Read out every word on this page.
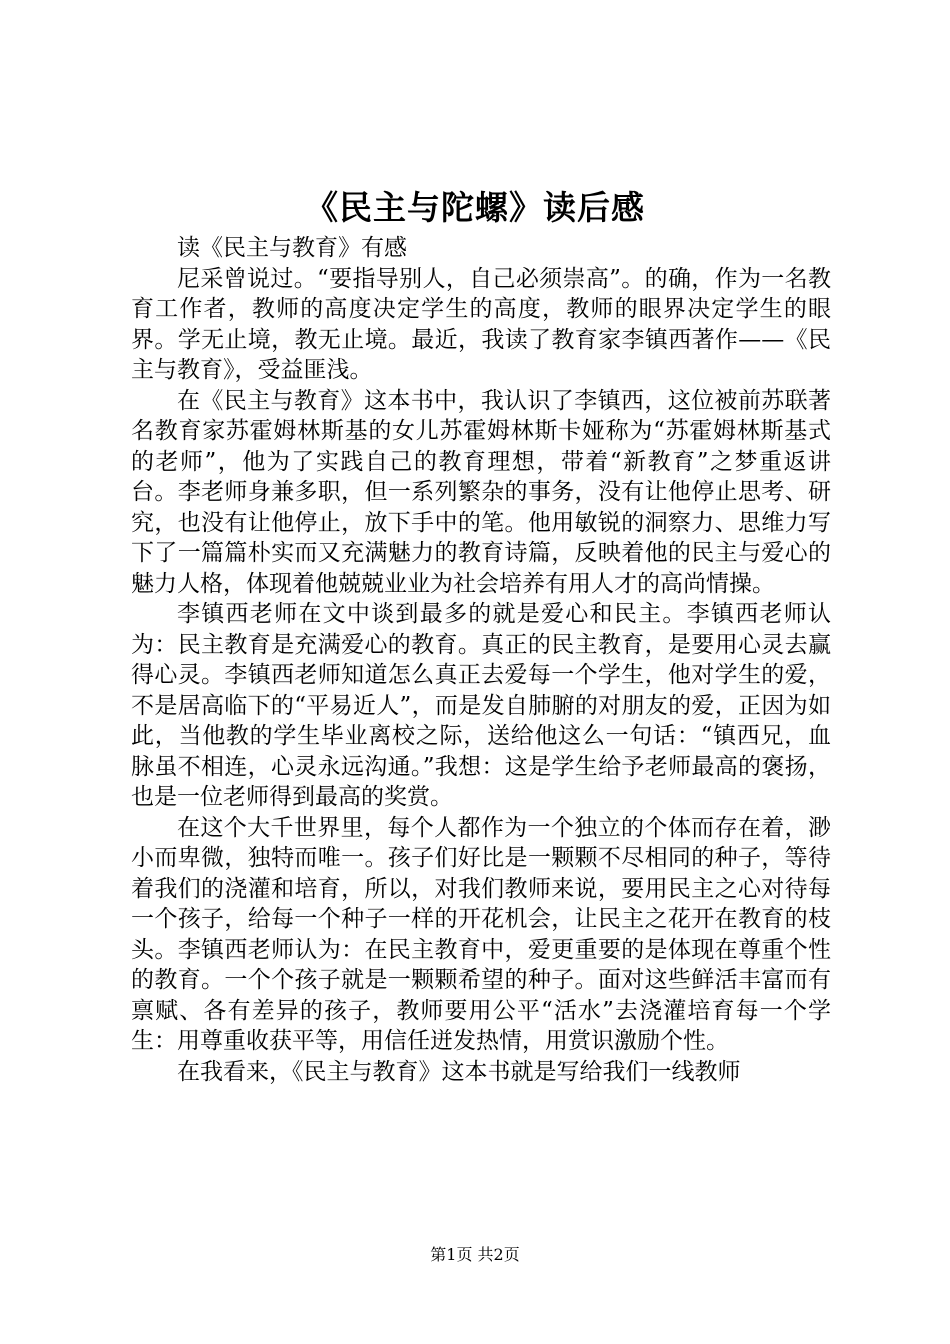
《民主与陀螺》读后感
读《民主与教育》有感

尼采曾说过。“要指导别人，自己必须崇高”。的确，作为一名教育工作者，教师的高度决定学生的高度，教师的眼界决定学生的眼界。学无止境，教无止境。最近，我读了教育家李镇西著作——《民主与教育》，受益匪浅。

在《民主与教育》这本书中，我认识了李镇西，这位被前苏联著名教育家苏霍姆林斯基的女儿苏霍姆林斯卡娅称为“苏霍姆林斯基式的老师”，他为了实践自己的教育理想，带着“新教育”之梦重返讲台。李老师身兼多职，但一系列繁杂的事务，没有让他停止思考、研究，也没有让他停止，放下手中的笔。他用敏锐的洞察力、思维力写下了一篇篇朴实而又充满魅力的教育诗篇，反映着他的民主与爱心的魅力人格，体现着他兢兢业业为社会培养有用人才的高尚情操。

李镇西老师在文中谈到最多的就是爱心和民主。李镇西老师认为：民主教育是充满爱心的教育。真正的民主教育，是要用心灵去赢得心灵。李镇西老师知道怎么真正去爱每一个学生，他对学生的爱，不是居高临下的“平易近人”，而是发自肺腑的对朋友的爱，正因为如此，当他教的学生毕业离校之际，送给他这么一句话：“镇西兄，血脉虽不相连，心灵永远沟通。”我想：这是学生给予老师最高的褒扬，也是一位老师得到最高的奖赏。

在这个大千世界里，每个人都作为一个独立的个体而存在着，渺小而卑微，独特而唯一。孩子们好比是一颗颗不尽相同的种子，等待着我们的浇灌和培育，所以，对我们教师来说，要用民主之心对待每一个孩子，给每一个种子一样的开花机会，让民主之花开在教育的枝头。李镇西老师认为：在民主教育中，爱更重要的是体现在尊重个性的教育。一个个孩子就是一颗颗希望的种子。面对这些鲜活丰富而有禀赋、各有差异的孩子，教师要用公平“活水”去浇灌培育每一个学生：用尊重收获平等，用信任迸发热情，用赏识激励个性。

在我看来，《民主与教育》这本书就是写给我们一线教师

第1页 共2页
